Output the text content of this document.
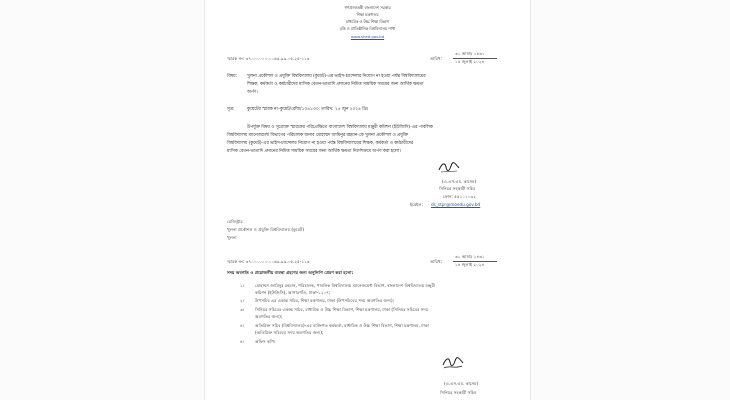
গণপ্রজাতন্ত্রী বাংলাদেশ সরকার
শিক্ষা মন্ত্রণালয়
মাধ্যমিক ও উচ্চ শিক্ষা বিভাগ
বৃত্তি ও প্রাতিষ্ঠানিক বিশ্ববিদ্যালয় শাখা
www.shed.gov.bd
স্মারক নং: ৩৭.০০.০০০০.০৬৯.৯৯.০৫.২৫-১১৩	তারিখ:
৩১ আষাঢ় ১৪৩১
১৪ জুলাই ২০২৪
বিষয়: খুলনা প্রকৌশল ও প্রযুক্তি বিশ্ববিদ্যালয় (কুয়েট)-এর ভাইস-চ্যান্সেলর নিয়োগ না হওয়া পর্যন্ত বিশ্ববিদ্যালয়ের
শিক্ষক, কর্মকর্তা ও কর্মচারীদের মাসিক বেতন-ভাতাদি প্রদানের নিমিত্ত সাময়িক সময়ের জন্য আর্থিক ক্ষমতা
অর্পণ।
সূত্র:	কুয়েটের স্মারক নং-কুয়েট/রেজি/১০৪১৩৩; তারিখ: ২৫ জুন ২০২৪ খ্রি।
উপর্যুক্ত বিষয় ও সূত্রোক্ত স্মারকের পরিপ্রেক্ষিতে বাংলাদেশ বিশ্ববিদ্যালয় মঞ্জুরী কমিশন (ইউজিসি)-এর পাবলিক
বিশ্ববিদ্যালয় ম্যানেজমেন্ট বিভাগের পরিচালক জনাব মোহাম্মদ জামিনুর রহমান-কে খুলনা প্রকৌশল ও প্রযুক্তি
বিশ্ববিদ্যালয় (কুয়েট)-এর ভাইস-চ্যান্সেলর নিয়োগ না হওয়া পর্যন্ত বিশ্ববিদ্যালয়ের শিক্ষক, কর্মকর্তা ও কর্মচারীদের
মাসিক বেতন-ভাতাদি প্রদানের নিমিত্ত সাময়িক সময়ের জন্য আর্থিক ক্ষমতা নির্দেশক্রমে অর্পণ করা হলো।
(এ.এস.এম. কাসেম)
সিনিয়র সহকারী সচিব
ফোন: ৫৫১০১০৩২
ইমেইল: ds_stpr@moedu.gov.bd
রেজিস্ট্রার
খুলনা প্রকৌশল ও প্রযুক্তি বিশ্ববিদ্যালয় (কুয়েট)
খুলনা
স্মারক নং: ৩৭.০০.০০০০.০৬৯.৯৯.০৫.২৫-১১৩	তারিখ:
৩১ আষাঢ় ১৪৩১
১৪ জুলাই ২০২৪
সদয় অবগতি ও প্রয়োজনীয় ব্যবস্থা গ্রহণের জন্য অনুলিপি প্রেরণ করা হলো:
১।	মোহাম্মদ জামিনুর রহমান, পরিচালক, পাবলিক বিশ্ববিদ্যালয় ম্যানেজমেন্ট বিভাগ, বাংলাদেশ বিশ্ববিদ্যালয় মঞ্জুরী
কমিশন (ইউজিসি), আগারগাঁও, ঢাকা-১২০৭;
২।	উপসচিব এর একান্ত সচিব, শিক্ষা মন্ত্রণালয়, ঢাকা (উপসচিবের সদয় অবগতির জন্য);
৩।	সিনিয়র সচিবের একান্ত সচিব, মাধ্যমিক ও উচ্চ শিক্ষা বিভাগ, শিক্ষা মন্ত্রণালয়, ঢাকা (সিনিয়র সচিবের সদয়
অবগতির জন্য);
৪।	অতিরিক্ত সচিব (বিশ্ববিদ্যালয়)-এর ব্যক্তিগত কর্মকর্তা, মাধ্যমিক ও উচ্চ শিক্ষা বিভাগ, শিক্ষা মন্ত্রণালয়, ঢাকা
(অতিরিক্ত সচিবের সদয় অবগতির জন্য);
৫।	অফিস কপি।
(এ.এস.এম. কাসেম)
সিনিয়র সহকারী সচিব
